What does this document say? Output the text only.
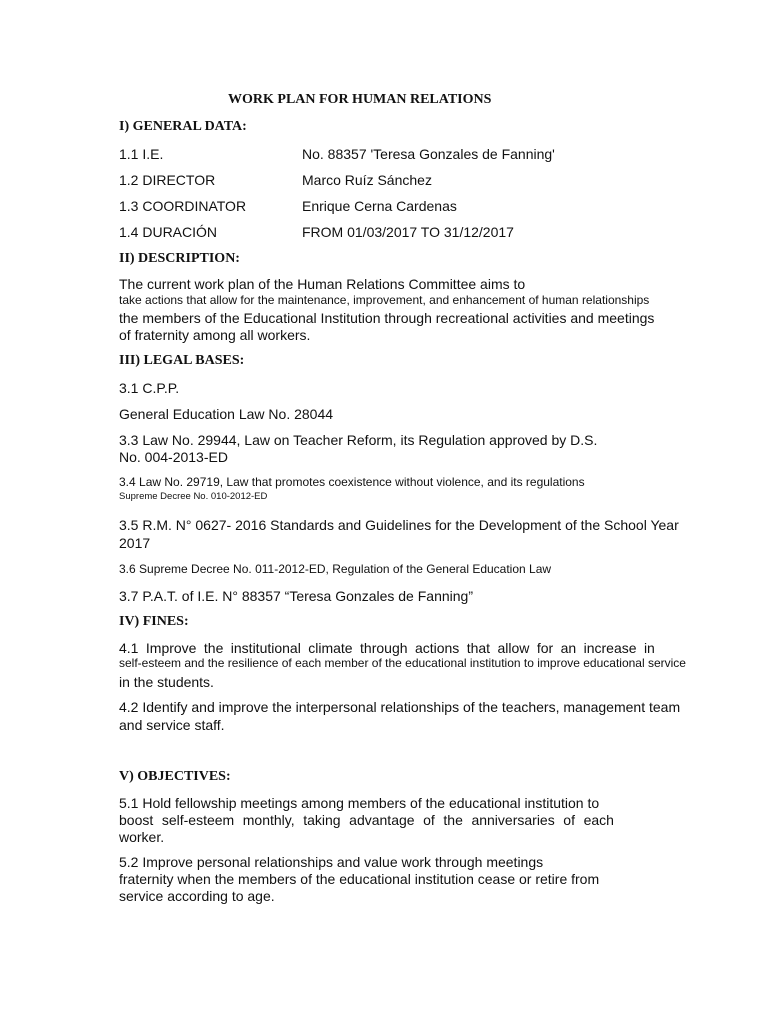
WORK PLAN FOR HUMAN RELATIONS
I) GENERAL DATA:
1.1 I.E.	No. 88357 'Teresa Gonzales de Fanning'
1.2 DIRECTOR	Marco Ruíz Sánchez
1.3 COORDINATOR	Enrique Cerna Cardenas
1.4 DURACIÓN	FROM 01/03/2017 TO 31/12/2017
II) DESCRIPTION:
The current work plan of the Human Relations Committee aims to
take actions that allow for the maintenance, improvement, and enhancement of human relationships
the members of the Educational Institution through recreational activities and meetings
of fraternity among all workers.
III) LEGAL BASES:
3.1 C.P.P.
General Education Law No. 28044
3.3 Law No. 29944, Law on Teacher Reform, its Regulation approved by D.S.
No. 004-2013-ED
3.4 Law No. 29719, Law that promotes coexistence without violence, and its regulations
Supreme Decree No. 010-2012-ED
3.5 R.M. N° 0627- 2016 Standards and Guidelines for the Development of the School Year
2017
3.6 Supreme Decree No. 011-2012-ED, Regulation of the General Education Law
3.7 P.A.T. of I.E. N° 88357 “Teresa Gonzales de Fanning”
IV) FINES:
4.1 Improve the institutional climate through actions that allow for an increase in
self-esteem and the resilience of each member of the educational institution to improve educational service
in the students.
4.2 Identify and improve the interpersonal relationships of the teachers, management team
and service staff.
V) OBJECTIVES:
5.1 Hold fellowship meetings among members of the educational institution to
boost self-esteem monthly, taking advantage of the anniversaries of each
worker.
5.2 Improve personal relationships and value work through meetings
fraternity when the members of the educational institution cease or retire from
service according to age.
